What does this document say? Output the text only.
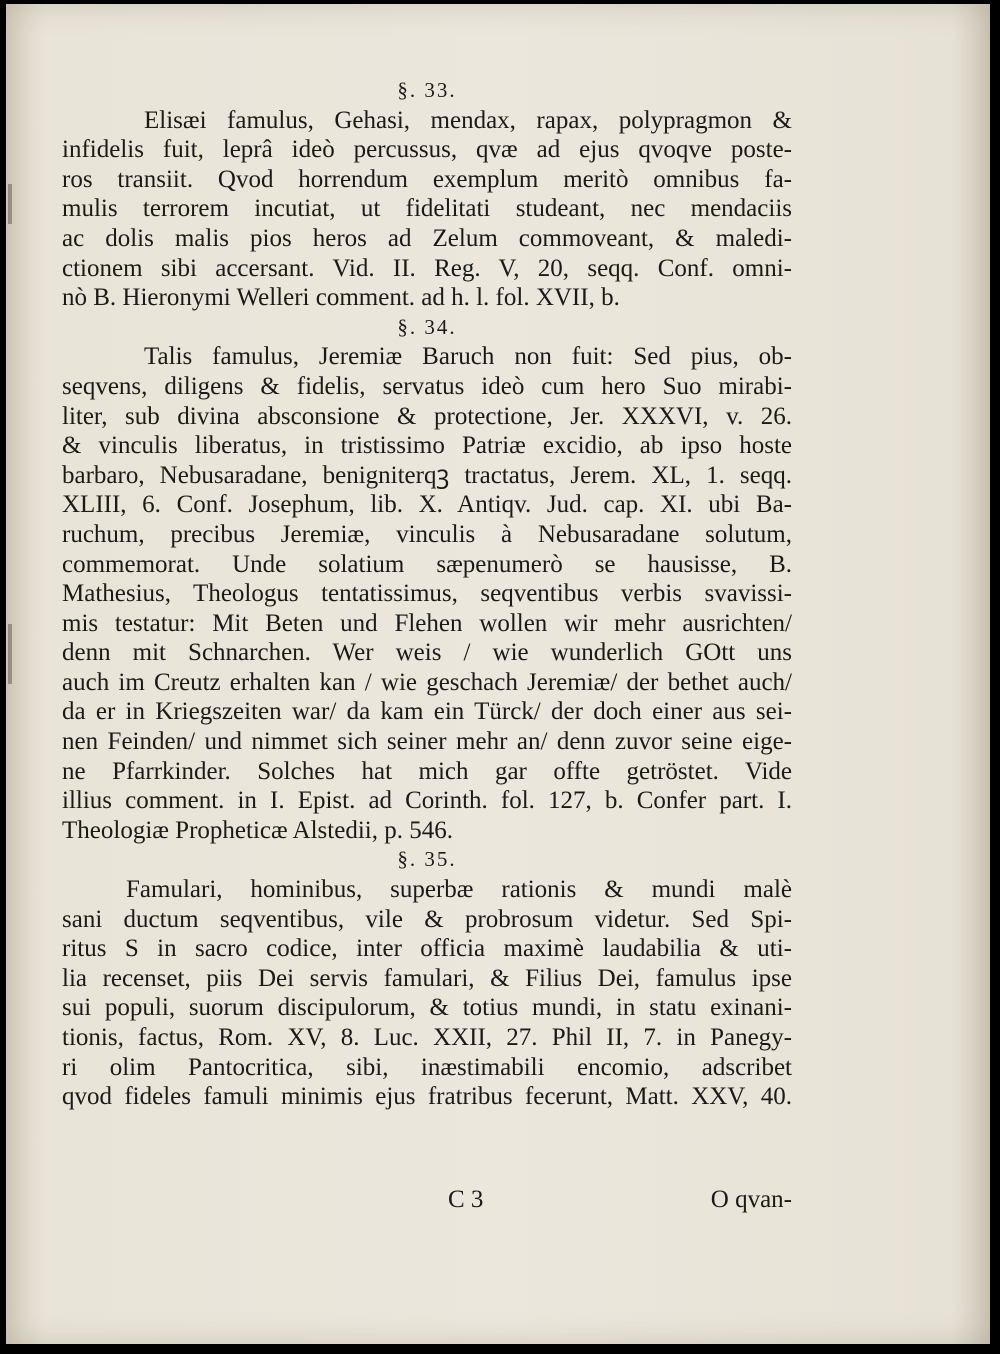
§. 33.
Elisæi famulus, Gehasi, mendax, rapax, polypragmon &
infidelis fuit, leprâ ideò percussus, qvæ ad ejus qvoqve poste-
ros transiit. Qvod horrendum exemplum meritò omnibus fa-
mulis terrorem incutiat, ut fidelitati studeant, nec mendaciis
ac dolis malis pios heros ad Zelum commoveant, & maledi-
ctionem sibi accersant. Vid. II. Reg. V, 20, seqq. Conf. omni-
nò B. Hieronymi Welleri comment. ad h. l. fol. XVII, b.
§. 34.
Talis famulus, Jeremiæ Baruch non fuit: Sed pius, ob-
seqvens, diligens & fidelis, servatus ideò cum hero Suo mirabi-
liter, sub divina absconsione & protectione, Jer. XXXVI, v. 26.
& vinculis liberatus, in tristissimo Patriæ excidio, ab ipso hoste
barbaro, Nebusaradane, benigniterqꝫ tractatus, Jerem. XL, 1. seqq.
XLIII, 6. Conf. Josephum, lib. X. Antiqv. Jud. cap. XI. ubi Ba-
ruchum, precibus Jeremiæ, vinculis à Nebusaradane solutum,
commemorat. Unde solatium sæpenumerò se hausisse, B.
Mathesius, Theologus tentatissimus, seqventibus verbis svavissi-
mis testatur: Mit Beten und Flehen wollen wir mehr ausrichten/
denn mit Schnarchen. Wer weis / wie wunderlich GOtt uns
auch im Creutz erhalten kan / wie geschach Jeremiæ/ der bethet auch/
da er in Kriegszeiten war/ da kam ein Türck/ der doch einer aus sei-
nen Feinden/ und nimmet sich seiner mehr an/ denn zuvor seine eige-
ne Pfarrkinder. Solches hat mich gar offte getröstet. Vide
illius comment. in I. Epist. ad Corinth. fol. 127, b. Confer part. I.
Theologiæ Propheticæ Alstedii, p. 546.
§. 35.
Famulari, hominibus, superbæ rationis & mundi malè
sani ductum seqventibus, vile & probrosum videtur. Sed Spi-
ritus S in sacro codice, inter officia maximè laudabilia & uti-
lia recenset, piis Dei servis famulari, & Filius Dei, famulus ipse
sui populi, suorum discipulorum, & totius mundi, in statu exinani-
tionis, factus, Rom. XV, 8. Luc. XXII, 27. Phil II, 7. in Panegy-
ri olim Pantocritica, sibi, inæstimabili encomio, adscribet
qvod fideles famuli minimis ejus fratribus fecerunt, Matt. XXV, 40.
C 3	O qvan-
